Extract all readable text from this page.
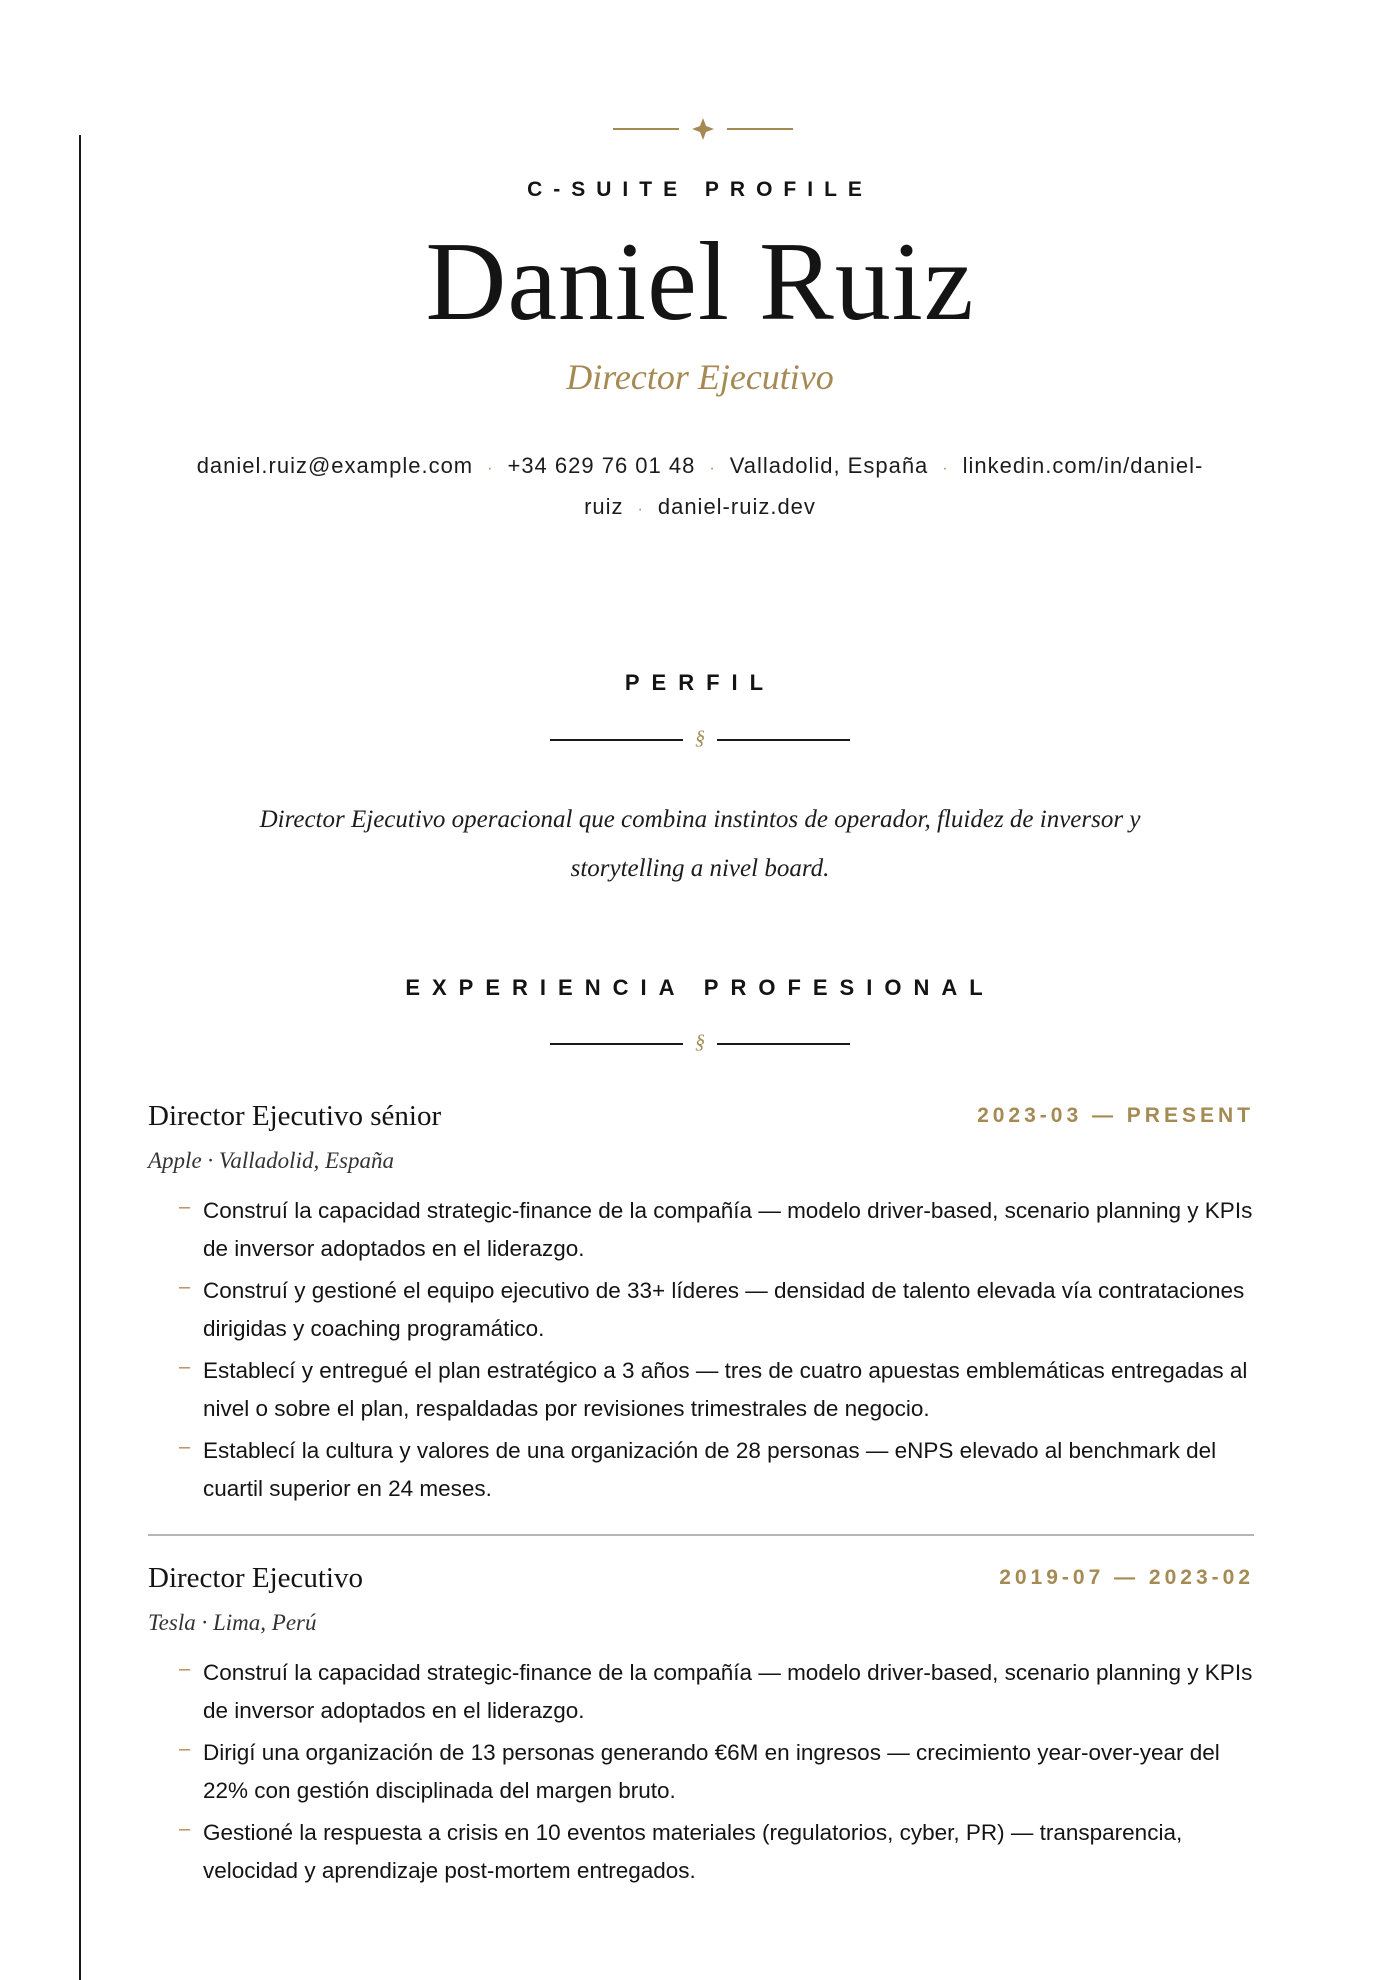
C-SUITE PROFILE
Daniel Ruiz
Director Ejecutivo
daniel.ruiz@example.com · +34 629 76 01 48 · Valladolid, España · linkedin.com/in/daniel-
ruiz · daniel-ruiz.dev
PERFIL
§
Director Ejecutivo operacional que combina instintos de operador, fluidez de inversor y storytelling a nivel board.
EXPERIENCIA PROFESIONAL
§
Director Ejecutivo sénior	2023-03 — PRESENT
Apple · Valladolid, España
– Construí la capacidad strategic-finance de la compañía — modelo driver-based, scenario planning y KPIs de inversor adoptados en el liderazgo.
– Construí y gestioné el equipo ejecutivo de 33+ líderes — densidad de talento elevada vía contrataciones dirigidas y coaching programático.
– Establecí y entregué el plan estratégico a 3 años — tres de cuatro apuestas emblemáticas entregadas al nivel o sobre el plan, respaldadas por revisiones trimestrales de negocio.
– Establecí la cultura y valores de una organización de 28 personas — eNPS elevado al benchmark del cuartil superior en 24 meses.
Director Ejecutivo	2019-07 — 2023-02
Tesla · Lima, Perú
– Construí la capacidad strategic-finance de la compañía — modelo driver-based, scenario planning y KPIs de inversor adoptados en el liderazgo.
– Dirigí una organización de 13 personas generando €6M en ingresos — crecimiento year-over-year del 22% con gestión disciplinada del margen bruto.
– Gestioné la respuesta a crisis en 10 eventos materiales (regulatorios, cyber, PR) — transparencia, velocidad y aprendizaje post-mortem entregados.
